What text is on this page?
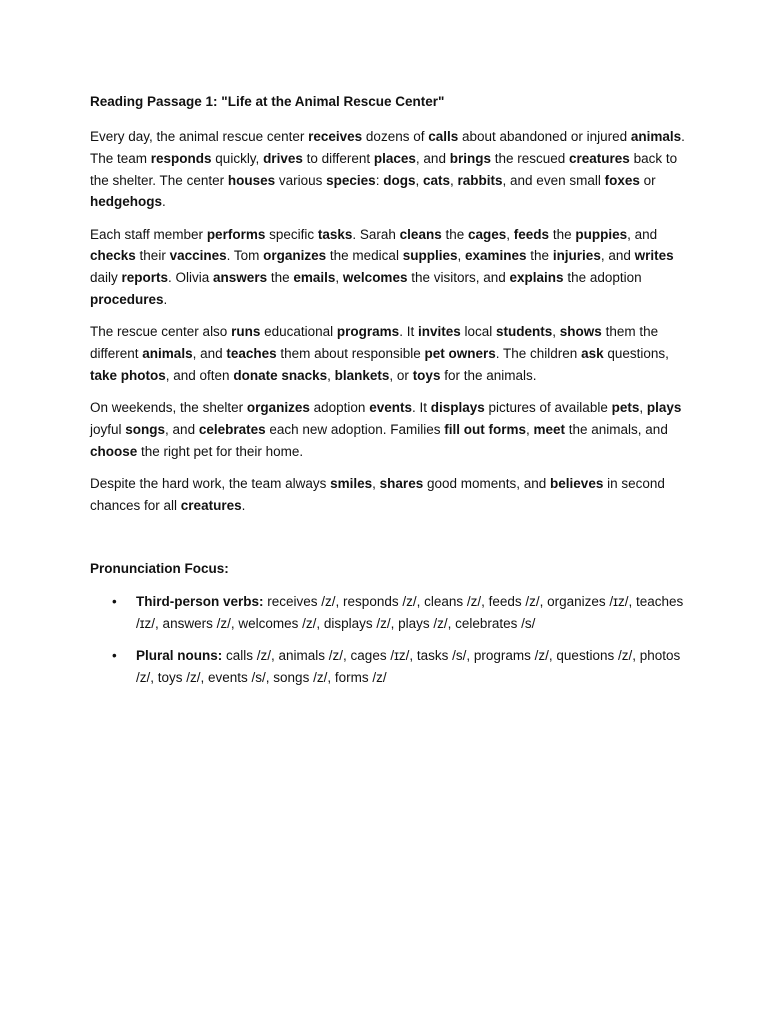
Reading Passage 1: "Life at the Animal Rescue Center"

Every day, the animal rescue center receives dozens of calls about abandoned or injured animals. The team responds quickly, drives to different places, and brings the rescued creatures back to the shelter. The center houses various species: dogs, cats, rabbits, and even small foxes or hedgehogs.

Each staff member performs specific tasks. Sarah cleans the cages, feeds the puppies, and checks their vaccines. Tom organizes the medical supplies, examines the injuries, and writes daily reports. Olivia answers the emails, welcomes the visitors, and explains the adoption procedures.

The rescue center also runs educational programs. It invites local students, shows them the different animals, and teaches them about responsible pet owners. The children ask questions, take photos, and often donate snacks, blankets, or toys for the animals.

On weekends, the shelter organizes adoption events. It displays pictures of available pets, plays joyful songs, and celebrates each new adoption. Families fill out forms, meet the animals, and choose the right pet for their home.

Despite the hard work, the team always smiles, shares good moments, and believes in second chances for all creatures.

Pronunciation Focus:
• Third-person verbs: receives /z/, responds /z/, cleans /z/, feeds /z/, organizes /ɪz/, teaches /ɪz/, answers /z/, welcomes /z/, displays /z/, plays /z/, celebrates /s/
• Plural nouns: calls /z/, animals /z/, cages /ɪz/, tasks /s/, programs /z/, questions /z/, photos /z/, toys /z/, events /s/, songs /z/, forms /z/
